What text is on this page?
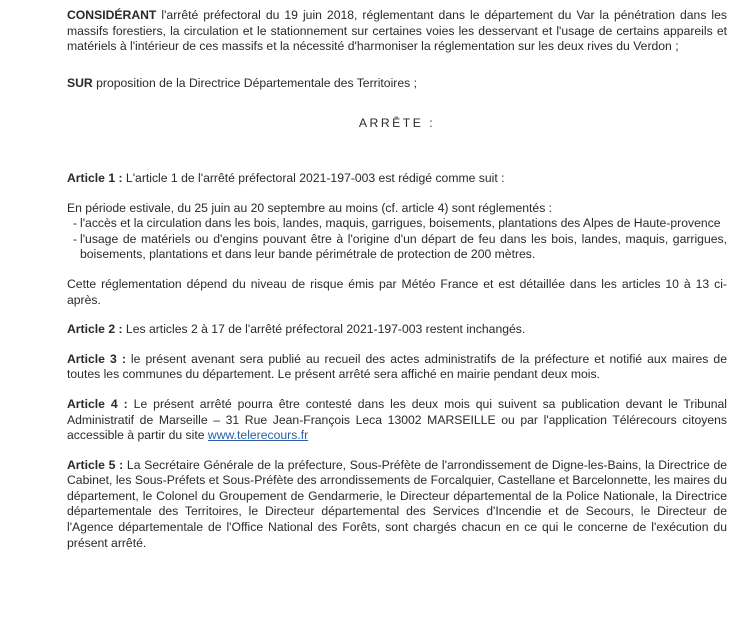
CONSIDÉRANT l'arrêté préfectoral du 19 juin 2018, réglementant dans le département du Var la pénétration dans les massifs forestiers, la circulation et le stationnement sur certaines voies les desservant et l'usage de certains appareils et matériels à l'intérieur de ces massifs et la nécessité d'harmoniser la réglementation sur les deux rives du Verdon ;

SUR proposition de la Directrice Départementale des Territoires ;

ARRÊTE :

Article 1 : L'article 1 de l'arrêté préfectoral 2021-197-003 est rédigé comme suit :

En période estivale, du 25 juin au 20 septembre au moins (cf. article 4) sont réglementés :

- l'accès et la circulation dans les bois, landes, maquis, garrigues, boisements, plantations des Alpes de Haute-provence
- l'usage de matériels ou d'engins pouvant être à l'origine d'un départ de feu dans les bois, landes, maquis, garrigues, boisements, plantations et dans leur bande périmétrale de protection de 200 mètres.

Cette réglementation dépend du niveau de risque émis par Météo France et est détaillée dans les articles 10 à 13 ci-après.

Article 2 : Les articles 2 à 17 de l'arrêté préfectoral 2021-197-003 restent inchangés.

Article 3 : le présent avenant sera publié au recueil des actes administratifs de la préfecture et notifié aux maires de toutes les communes du département. Le présent arrêté sera affiché en mairie pendant deux mois.

Article 4 : Le présent arrêté pourra être contesté dans les deux mois qui suivent sa publication devant le Tribunal Administratif de Marseille – 31 Rue Jean-François Leca 13002 MARSEILLE ou par l'application Télérecours citoyens accessible à partir du site www.telerecours.fr

Article 5 : La Secrétaire Générale de la préfecture, Sous-Préfète de l'arrondissement de Digne-les-Bains, la Directrice de Cabinet, les Sous-Préfets et Sous-Préfète des arrondissements de Forcalquier, Castellane et Barcelonnette, les maires du département, le Colonel du Groupement de Gendarmerie, le Directeur départemental de la Police Nationale, la Directrice départementale des Territoires, le Directeur départemental des Services d'Incendie et de Secours, le Directeur de l'Agence départementale de l'Office National des Forêts, sont chargés chacun en ce qui le concerne de l'exécution du présent arrêté.
